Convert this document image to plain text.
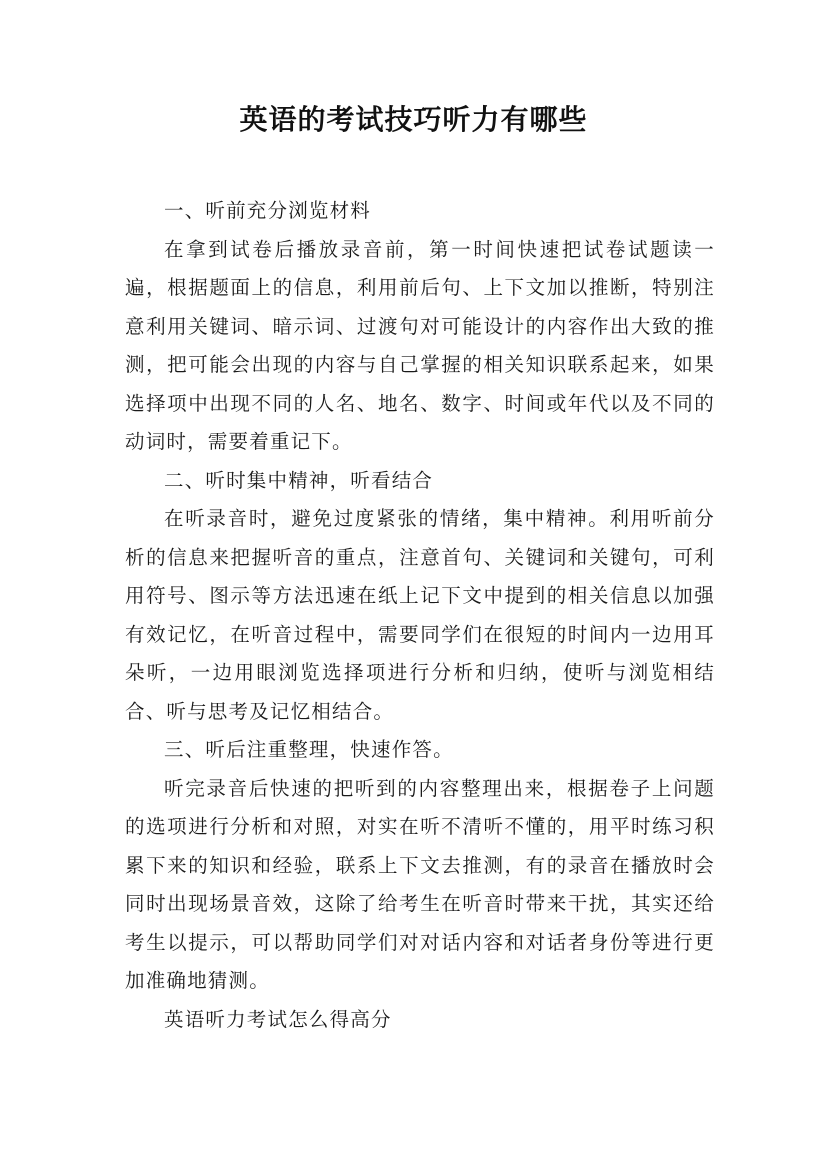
英语的考试技巧听力有哪些

一、听前充分浏览材料

在拿到试卷后播放录音前，第一时间快速把试卷试题读一遍，根据题面上的信息，利用前后句、上下文加以推断，特别注意利用关键词、暗示词、过渡句对可能设计的内容作出大致的推测，把可能会出现的内容与自己掌握的相关知识联系起来，如果选择项中出现不同的人名、地名、数字、时间或年代以及不同的动词时，需要着重记下。

二、听时集中精神，听看结合

在听录音时，避免过度紧张的情绪，集中精神。利用听前分析的信息来把握听音的重点，注意首句、关键词和关键句，可利用符号、图示等方法迅速在纸上记下文中提到的相关信息以加强有效记忆，在听音过程中，需要同学们在很短的时间内一边用耳朵听，一边用眼浏览选择项进行分析和归纳，使听与浏览相结合、听与思考及记忆相结合。

三、听后注重整理，快速作答。

听完录音后快速的把听到的内容整理出来，根据卷子上问题的选项进行分析和对照，对实在听不清听不懂的，用平时练习积累下来的知识和经验，联系上下文去推测，有的录音在播放时会同时出现场景音效，这除了给考生在听音时带来干扰，其实还给考生以提示，可以帮助同学们对对话内容和对话者身份等进行更加准确地猜测。

英语听力考试怎么得高分
